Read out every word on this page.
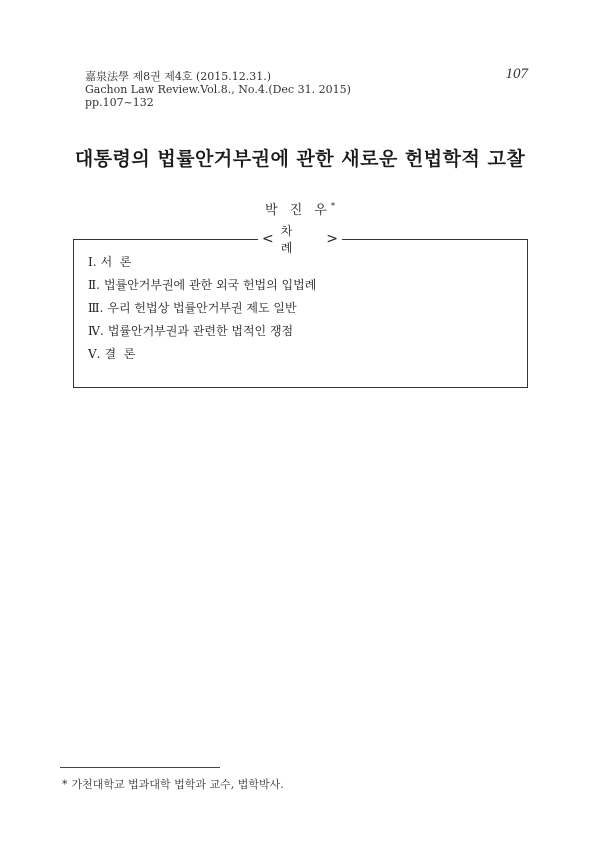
嘉泉法學 제8권 제4호 (2015.12.31.)
Gachon Law Review.Vol.8., No.4.(Dec 31. 2015)
pp.107~132
107
대통령의 법률안거부권에 관한 새로운 헌법학적 고찰
박 진 우*
< 차 례
>
Ⅰ. 서  론
Ⅱ. 법률안거부권에 관한 외국 헌법의 입법례
Ⅲ. 우리 헌법상 법률안거부권 제도 일반
Ⅳ. 법률안거부권과 관련한 법적인 쟁점
Ⅴ. 결  론
* 가천대학교 법과대학 법학과 교수, 법학박사.
